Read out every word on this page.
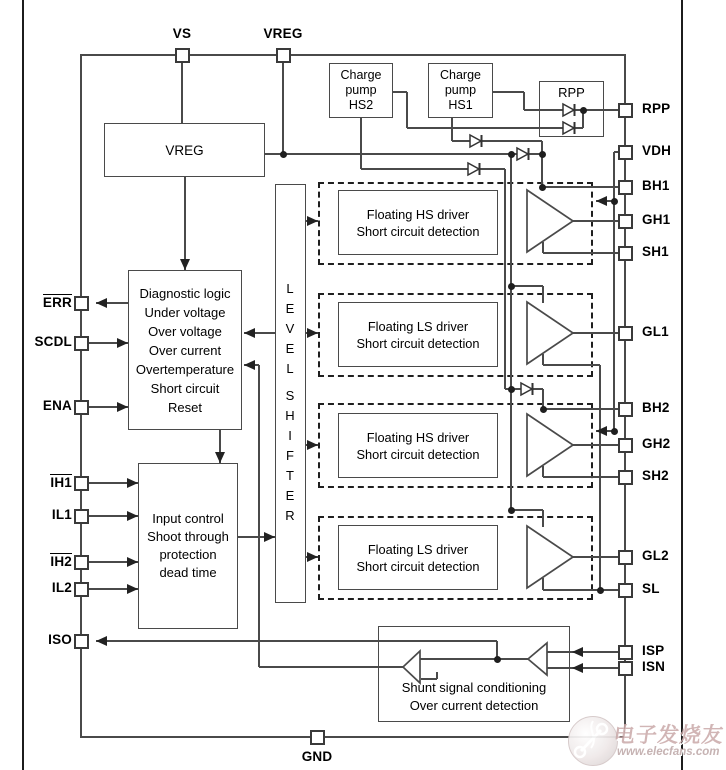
VREG
Charge
pump
HS2
Charge
pump
HS1
RPP
Diagnostic logic
Under voltage
Over voltage
Over current
Overtemperature
Short circuit
Reset
Input control
Shoot through
protection
dead time
Floating HS driver
Short circuit detection
Floating LS driver
Short circuit detection
Floating HS driver
Short circuit detection
Floating LS driver
Short circuit detection
Shunt signal conditioning
Over current detection
L
E
V
E
L
S
H
I
F
T
E
R
电子发烧友
www.elecfans.com
VS	VREG
GND
ERR
SCDL
ENA
IH1
IL1
IH2
IL2
ISO
RPP
VDH
BH1
GH1
SH1
GL1
BH2
GH2
SH2
GL2
SL
ISP
ISN
